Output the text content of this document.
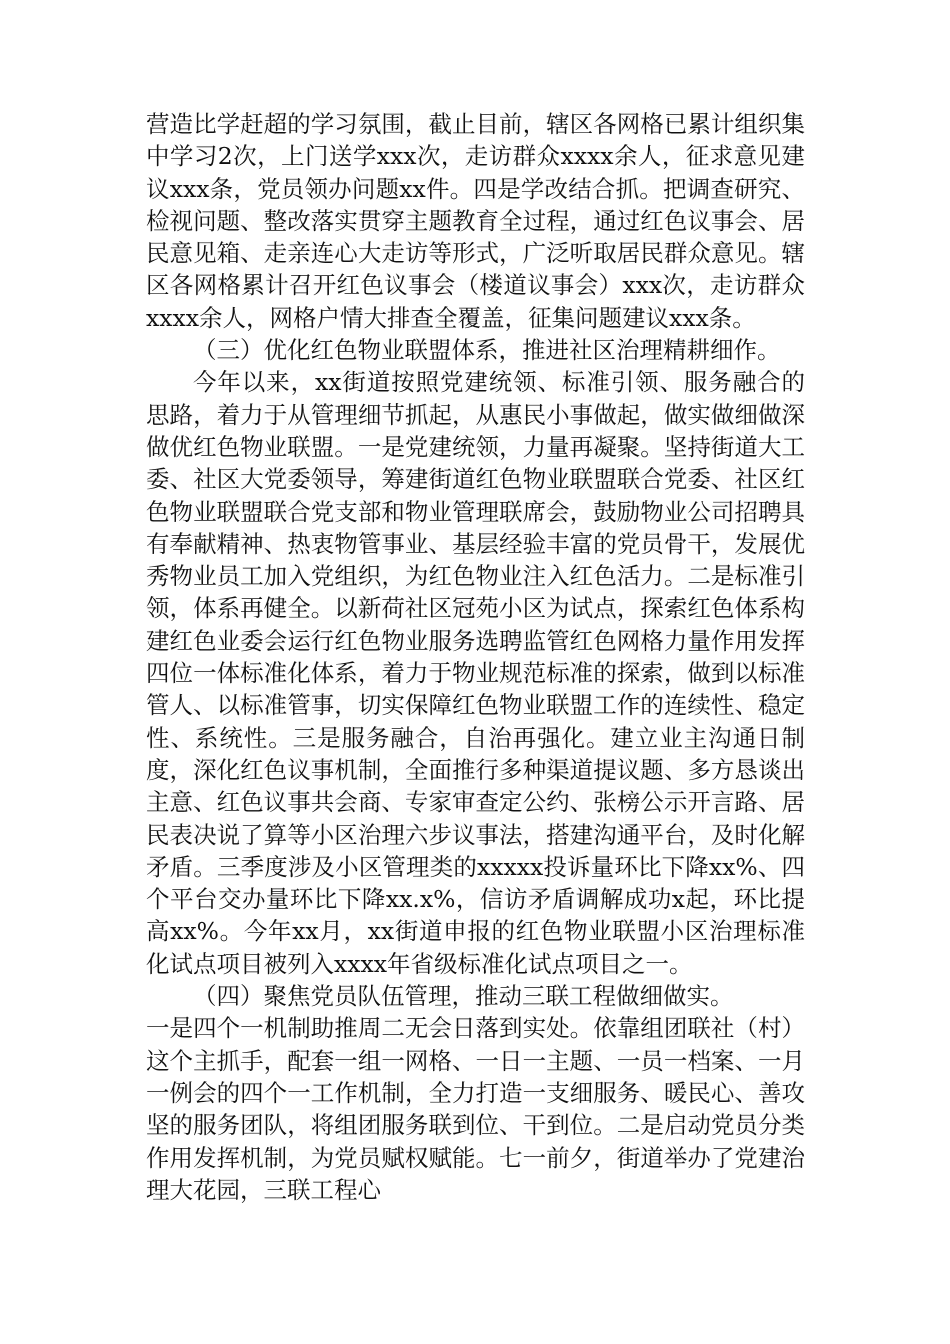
营造比学赶超的学习氛围，截止目前，辖区各网格已累计组织集中学习2次，上门送学xxx次，走访群众xxxx余人，征求意见建议xxx条，党员领办问题xx件。四是学改结合抓。把调查研究、检视问题、整改落实贯穿主题教育全过程，通过红色议事会、居民意见箱、走亲连心大走访等形式，广泛听取居民群众意见。辖区各网格累计召开红色议事会（楼道议事会）xxx次，走访群众xxxx余人，网格户情大排查全覆盖，征集问题建议xxx条。

（三）优化红色物业联盟体系，推进社区治理精耕细作。

今年以来，xx街道按照党建统领、标准引领、服务融合的思路，着力于从管理细节抓起，从惠民小事做起，做实做细做深做优红色物业联盟。一是党建统领，力量再凝聚。坚持街道大工委、社区大党委领导，筹建街道红色物业联盟联合党委、社区红色物业联盟联合党支部和物业管理联席会，鼓励物业公司招聘具有奉献精神、热衷物管事业、基层经验丰富的党员骨干，发展优秀物业员工加入党组织，为红色物业注入红色活力。二是标准引领，体系再健全。以新荷社区冠苑小区为试点，探索红色体系构建红色业委会运行红色物业服务选聘监管红色网格力量作用发挥四位一体标准化体系，着力于物业规范标准的探索，做到以标准管人、以标准管事，切实保障红色物业联盟工作的连续性、稳定性、系统性。三是服务融合，自治再强化。建立业主沟通日制度，深化红色议事机制，全面推行多种渠道提议题、多方恳谈出主意、红色议事共会商、专家审查定公约、张榜公示开言路、居民表决说了算等小区治理六步议事法，搭建沟通平台，及时化解矛盾。三季度涉及小区管理类的xxxxx投诉量环比下降xx%、四个平台交办量环比下降xx.x%，信访矛盾调解成功x起，环比提高xx%。今年xx月，xx街道申报的红色物业联盟小区治理标准化试点项目被列入xxxx年省级标准化试点项目之一。

（四）聚焦党员队伍管理，推动三联工程做细做实。

一是四个一机制助推周二无会日落到实处。依靠组团联社（村）这个主抓手，配套一组一网格、一日一主题、一员一档案、一月一例会的四个一工作机制，全力打造一支细服务、暖民心、善攻坚的服务团队，将组团服务联到位、干到位。二是启动党员分类作用发挥机制，为党员赋权赋能。七一前夕，街道举办了党建治理大花园，三联工程心
